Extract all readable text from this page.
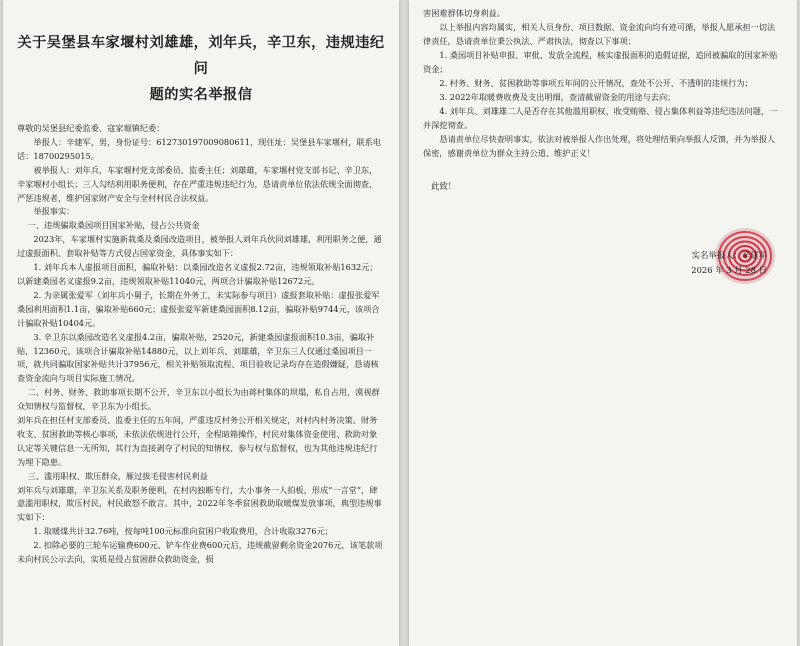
关于吴堡县车家堰村刘雄雄，刘年兵，辛卫东，违规违纪问
题的实名举报信

尊敬的吴堡县纪委监委、寇家塬镇纪委：

举报人：辛建军，男，身份证号：612730197009080611，现住址：吴堡县车家堰村，联系电话：18700295015。

被举报人：刘年兵，车家堰村党支部委员、监委主任；刘雄雄，车家堰村党支部书记、辛卫东，辛家堰村小组长；三人勾结利用职务便利，存在严重违规违纪行为，恳请责单位依法依规全面彻查，严惩违规者，维护国家财产安全与全村村民合法权益。

举报事实：

一、违规骗取桑园项目国家补贴，侵占公共资金

2023年，车家堰村实施新栽桑及桑园改造项目，被举报人刘年兵伙同刘雄雄，利用职务之便，通过虚报面积、套取补贴等方式侵占国家资金，具体事实如下：

1. 刘年兵本人虚报项目面积，骗取补贴：以桑园改造名义虚报2.72亩，违规领取补贴1632元；以新建桑园名义虚报9.2亩，违规领取补贴11040元，两项合计骗取补贴12672元。

2. 为亲属张爱军（刘年兵小舅子，长期在外务工，未实际参与项目）虚报套取补贴：虚报张爱军桑园利用面积1.1亩，骗取补贴660元；虚报张爱军新建桑园面积8.12亩，骗取补贴9744元，该项合计骗取补贴10404元。

3. 辛卫东以桑园改造名义虚报4.2亩，骗取补贴，2520元，新建桑园虚报面积10.3亩，骗取补贴，12360元，该项合计骗取补贴14880元，以上刘年兵、刘雄雄，辛卫东三人仅通过桑园项目一项，就共同骗取国家补贴共计37956元，相关补贴领取流程、项目验收记录均存在造假嫌疑，恳请核查资金流向与项目实际施工情况。

二、村务、财务、救助事项长期不公开，辛卫东以小组长为由蒋村集体的坝塌，私自占用，漠视群众知情权与监督权，辛卫东为小组长。

刘年兵在担任村支部委员、监委主任的五年间，严重违反村务公开相关规定，对村内村务决策、财务收支、贫困救助等核心事项，未依法依规进行公开，全程暗箱操作，村民对集体资金使用、救助对象认定等关键信息一无所知，其行为直接剥夺了村民的知情权、参与权与监督权，也为其他违规违纪行为埋下隐患。

三、滥用职权、欺压群众，雁过拔毛侵害村民利益

刘年兵与刘雄雄，辛卫东关系及职务便利，在村内独断专行，大小事务一人拍板，形成“一言堂”，肆意滥用职权，欺压村民，村民敢怒不敢言。其中，2022年冬季贫困救助取暖煤发放事项，典型违规事实如下：

1. 取暖煤共计32.76吨，按每吨100元标准向贫困户收取费用，合计收取3276元；

2. 扣除必要的三轮车运输费600元、铲车作业费600元后，违规截留剩余资金2076元，该笔款项未向村民公示去向，实质是侵占贫困群众救助资金，损

害困难群体切身利益。

以上举报内容均属实，相关人员身份、项目数据、资金流向均有迹可循，举报人愿承担一切法律责任，恳请责单位秉公执法、严肃执法，彻查以下事项：

1. 桑园项目补贴申报、审批、发放全流程，核实虚报面积的造假证据，追回被骗取的国家补贴资金；

2. 村务、财务、贫困救助等事项五年间的公开情况，查处不公开、不透明的违规行为；

3. 2022年取暖费收费及支出明细，查清截留资金的用途与去向；

4. 刘年兵、刘雄雄二人是否存在其他滥用职权、收受贿赂、侵占集体利益等违纪违法问题，一并深挖彻查。

恳请责单位尽快查明事实，依法对被举报人作出处理，将处理结果向举报人反馈，并为举报人保密，感谢责单位为群众主持公道、维护正义！

此致！
实名举报人：辛建军
2026 年 3 月 28 日
